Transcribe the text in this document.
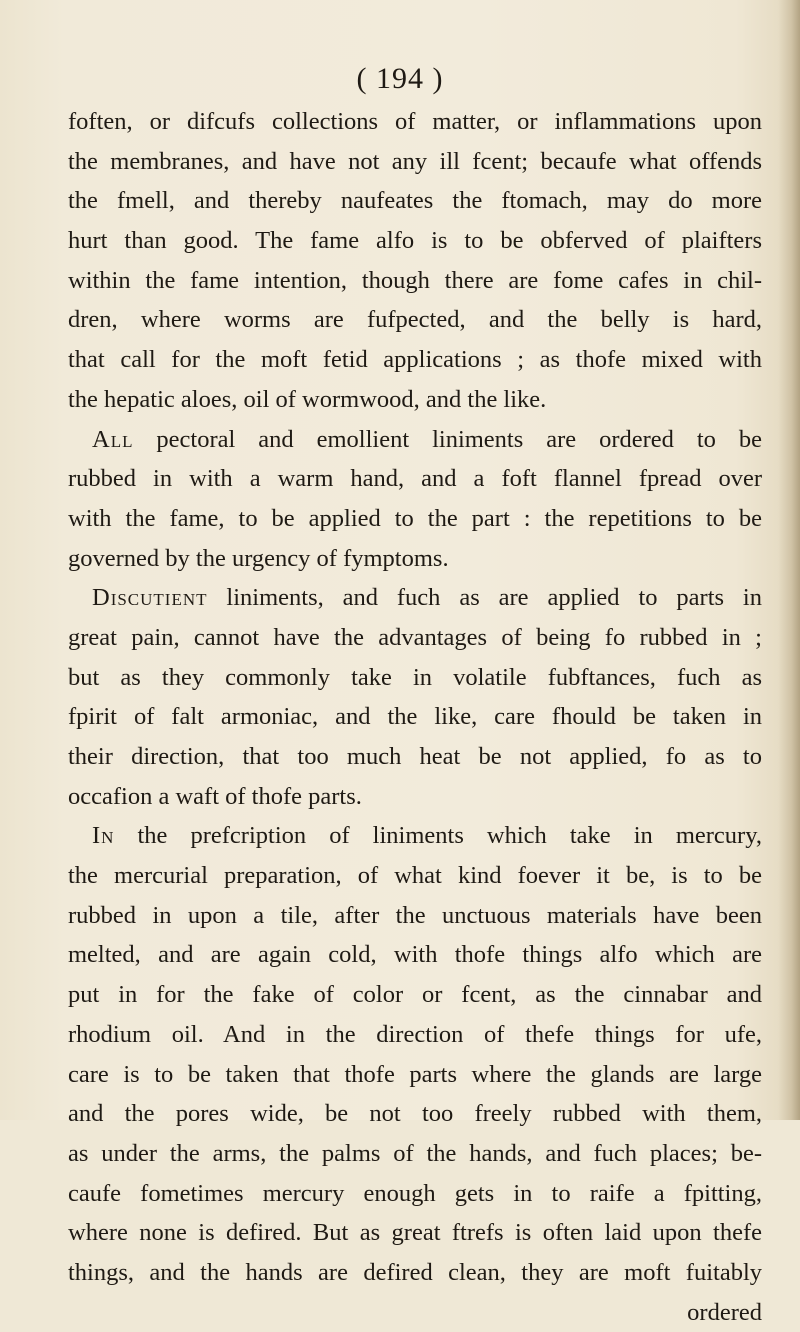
( 194 )
foften, or difcufs collections of matter, or inflammations upon
the membranes, and have not any ill fcent; becaufe what offends
the fmell, and thereby naufeates the ftomach, may do more
hurt than good. The fame alfo is to be obferved of plaifters
within the fame intention, though there are fome cafes in chil-
dren, where worms are fufpected, and the belly is hard,
that call for the moft fetid applications ; as thofe mixed with
the hepatic aloes, oil of wormwood, and the like.
All pectoral and emollient liniments are ordered to be
rubbed in with a warm hand, and a foft flannel fpread over
with the fame, to be applied to the part : the repetitions to be
governed by the urgency of fymptoms.
Discutient liniments, and fuch as are applied to parts in
great pain, cannot have the advantages of being fo rubbed in ;
but as they commonly take in volatile fubftances, fuch as
fpirit of falt armoniac, and the like, care fhould be taken in
their direction, that too much heat be not applied, fo as to
occafion a waft of thofe parts.
In the prefcription of liniments which take in mercury,
the mercurial preparation, of what kind foever it be, is to be
rubbed in upon a tile, after the unctuous materials have been
melted, and are again cold, with thofe things alfo which are
put in for the fake of color or fcent, as the cinnabar and
rhodium oil. And in the direction of thefe things for ufe,
care is to be taken that thofe parts where the glands are large
and the pores wide, be not too freely rubbed with them,
as under the arms, the palms of the hands, and fuch places; be-
caufe fometimes mercury enough gets in to raife a fpitting,
where none is defired. But as great ftrefs is often laid upon thefe
things, and the hands are defired clean, they are moft fuitably
ordered
